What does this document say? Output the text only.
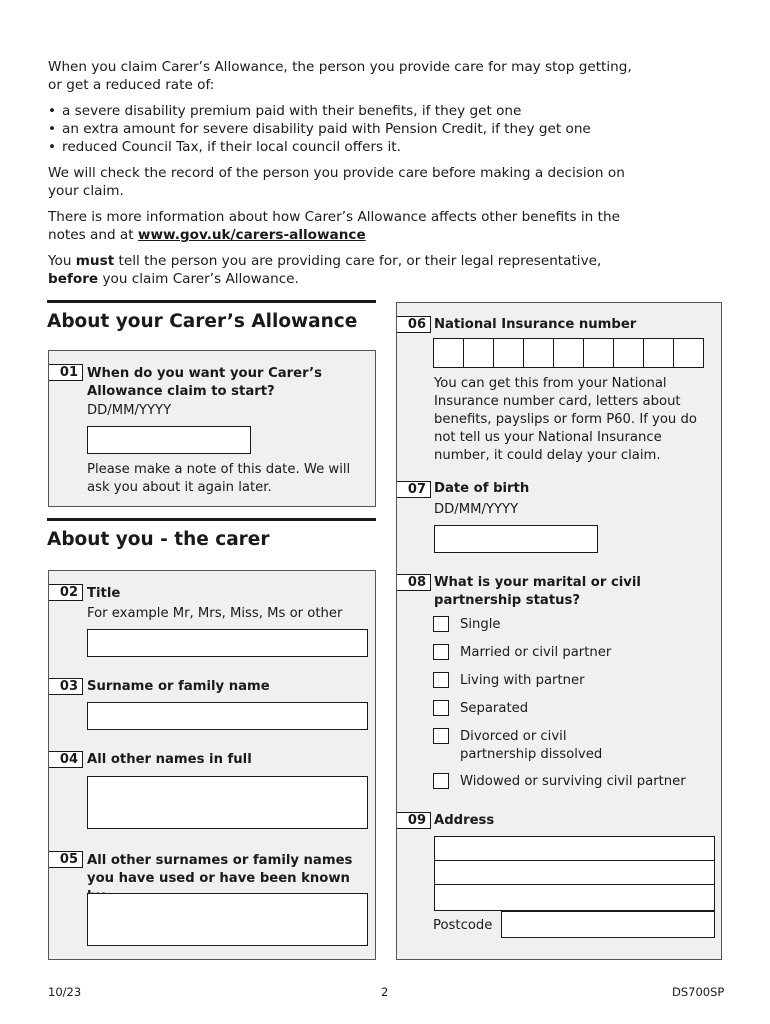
When you claim Carer’s Allowance, the person you provide care for may stop getting, or get a reduced rate of:

• a severe disability premium paid with their benefits, if they get one
• an extra amount for severe disability paid with Pension Credit, if they get one
• reduced Council Tax, if their local council offers it.

We will check the record of the person you provide care before making a decision on your claim.

There is more information about how Carer’s Allowance affects other benefits in the notes and at www.gov.uk/carers-allowance

You must tell the person you are providing care for, or their legal representative, before you claim Carer’s Allowance.

About your Carer’s Allowance
01 When do you want your Carer’s Allowance claim to start?
DD/MM/YYYY
Please make a note of this date. We will ask you about it again later.
About you - the carer
02 Title
For example Mr, Mrs, Miss, Ms or other
03 Surname or family name
04 All other names in full
05 All other surnames or family names you have used or have been known
06 National Insurance number
You can get this from your National Insurance number card, letters about benefits, payslips or form P60. If you do not tell us your National Insurance number, it could delay your claim.
07 Date of birth
DD/MM/YYYY
08 What is your marital or civil partnership status?
09 Address
Single
Married or civil partner
Living with partner
Separated
Divorced or civil partnership dissolved
Widowed or surviving civil partner
Postcode
10/23	2	DS700SP
